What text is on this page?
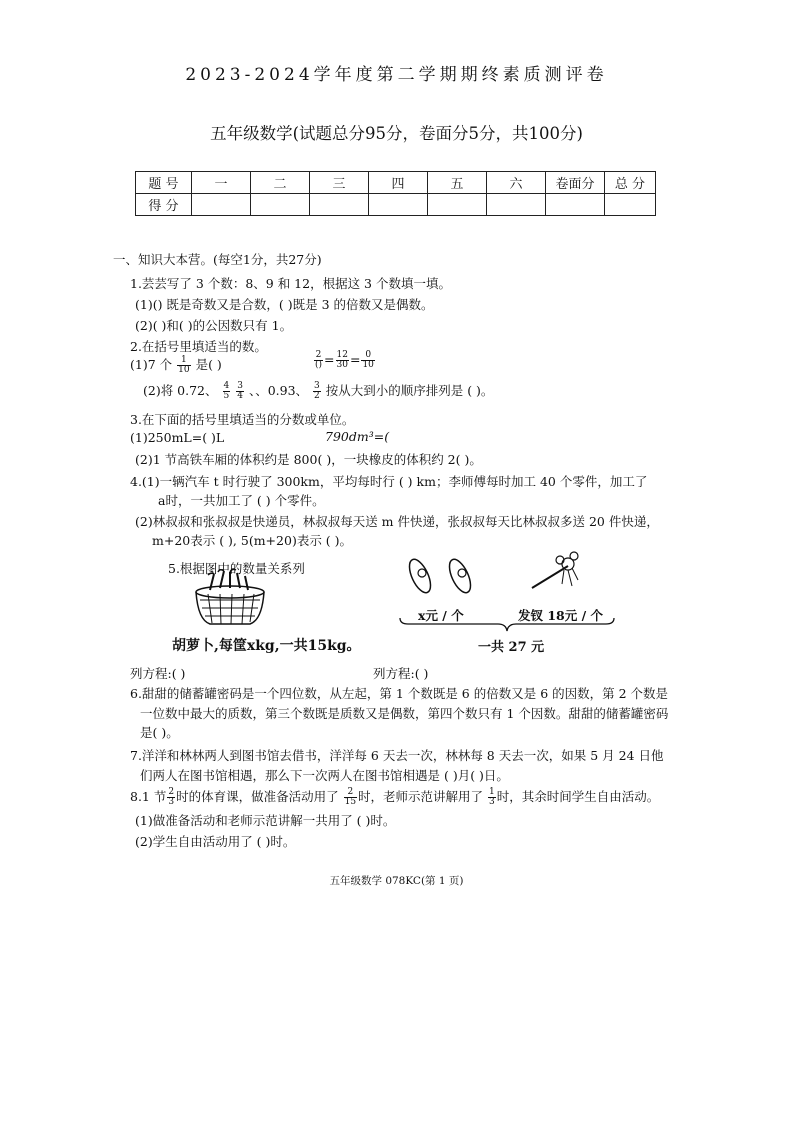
2023-2024学年度第二学期期终素质测评卷
五年级数学(试题总分95分，卷面分5分，共100分)
题 号	一	二	三	四	五	六	卷面分	总 分
得 分								
一、知识大本营。(每空1分，共27分)
1.芸芸写了 3 个数：8、9 和 12，根据这 3 个数填一填。
(1)() 既是奇数又是合数，( )既是 3 的倍数又是偶数。
(2)( )和( )的公因数只有 1。
2.在括号里填适当的数。
(1)7 个 $\frac{1}{10}$ 是( )	$\frac{2}{()} = \frac{12}{30} = \frac{0}{10}$
(2)将 0.72、 $\frac{4}{5}$
$\frac{3}{4}$ 、、0.93、 $\frac{3}{2}$ 按从大到小的顺序排列是 ( )。
3.在下面的括号里填适当的分数或单位。
(1)250mL=( )L	790dm³=(
(2)1 节高铁车厢的体积约是 800( )，一块橡皮的体积约 2( )。
4.(1)一辆汽车 t 时行驶了 300km，平均每时行 ( ) km；李师傅每时加工 40 个零件，加工了
a时，一共加工了 ( ) 个零件。
(2)林叔叔和张叔叔是快递员，林叔叔每天送 m 件快递，张叔叔每天比林叔叔多送 20 件快递，
m+20表示 ( ), 5(m+20)表示 ( )。
5.根据图中的数量关系列
胡萝卜,每筐xkg,一共15kg。
x元 / 个	发钗 18元 / 个
一共 27 元
列方程:( )	列方程:( )
6.甜甜的储蓄罐密码是一个四位数，从左起，第 1 个数既是 6 的倍数又是 6 的因数，第 2 个数是
一位数中最大的质数，第三个数既是质数又是偶数，第四个数只有 1 个因数。甜甜的储蓄罐密码
是( )。
7.洋洋和林林两人到图书馆去借书，洋洋每 6 天去一次，林林每 8 天去一次，如果 5 月 24 日他
们两人在图书馆相遇，那么下一次两人在图书馆相遇是 ( )月( )日。
8.1 节 $\frac{2}{3}$ 时的体育课，做准备活动用了 $\frac{2}{15}$ 时，老师示范讲解用了 $\frac{1}{3}$ 时，其余时间学生自由活动。
(1)做准备活动和老师示范讲解一共用了 ( )时。
(2)学生自由活动用了 ( )时。
五年级数学 078KC(第 1 页)
